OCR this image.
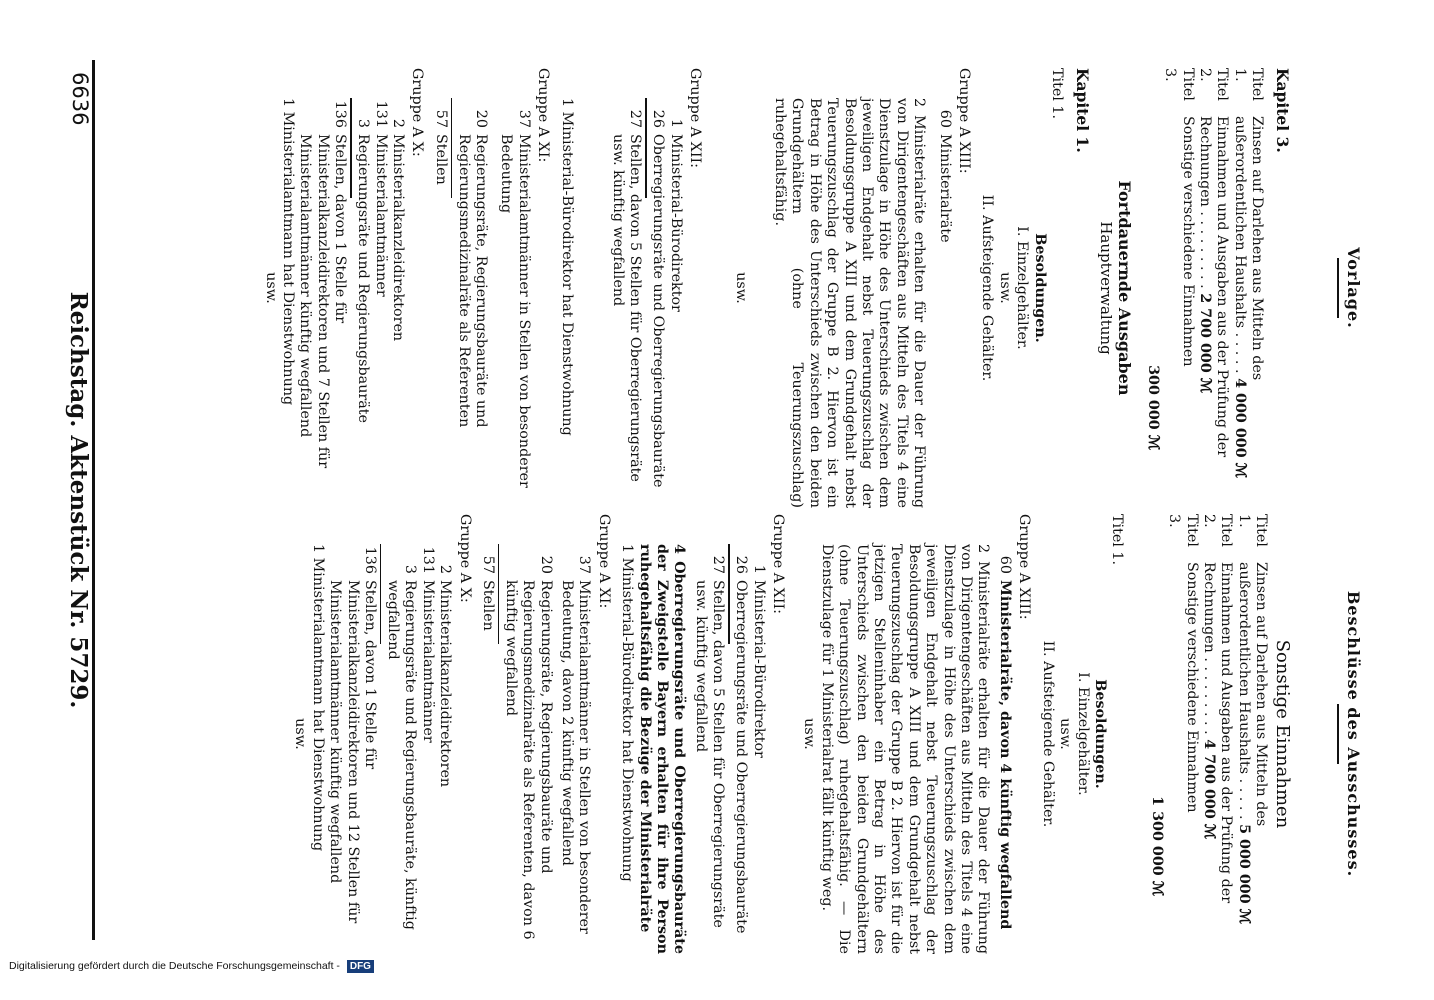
6636
Reichstag. Aktenstück Nr. 5729.
Vorlage.
Kapitel 3.
Titel 1.
Zinsen auf Darlehen aus Mitteln des außerordentlichen Haushalts . . . . . 4 000 000 ℳ
Titel 2.
Einnahmen und Ausgaben aus der Prüfung der Rechnungen . . . . . . . . . 2 700 000 ℳ
Titel 3.
Sonstige verschiedene Einnahmen
300 000 ℳ
Fortdauernde Ausgaben
Hauptverwaltung
Kapitel 1.
Titel 1.
Besoldungen.
I. Einzelgehälter.
usw.
II. Aufsteigende Gehälter.
Gruppe A XIII:
60
Ministerialräte
2 Ministerialräte erhalten für die Dauer der Führung von Dirigentengeschäften aus Mitteln des Titels 4 eine Dienstzulage in Höhe des Unterschieds zwischen dem jeweiligen Endgehalt nebst Teuerungszuschlag der Besoldungsgruppe A XIII und dem Grundgehalt nebst Teuerungszuschlag der Gruppe B 2. Hiervon ist ein Betrag in Höhe des Unterschieds zwischen den beiden Grundgehältern (ohne Teuerungszuschlag) ruhegehaltsfähig.
usw.
Gruppe A XII:
1
Ministerial-Bürodirektor
26
Oberregierungsräte und Oberregierungsbauräte
27
Stellen, davon 5 Stellen für Oberregierungsräte usw. künftig wegfallend
1 Ministerial-Bürodirektor hat Dienstwohnung
Gruppe A XI:
37
Ministerialamtmänner in Stellen von besonderer Bedeutung
20
Regierungsräte, Regierungsbauräte und Regierungsmedizinalräte als Referenten
57
Stellen
Gruppe A X:
2
Ministerialkanzleidirektoren
131
Ministerialamtmänner
3
Regierungsräte und Regierungsbauräte
136
Stellen, davon 1 Stelle für Ministerialkanzleidirektoren und 7 Stellen für Ministerialamtmänner künftig wegfallend
1 Ministerialamtmann hat Dienstwohnung
usw.
Beschlüsse des Ausschusses.
Sonstige Einnahmen
Titel 1.
Zinsen auf Darlehen aus Mitteln des außerordentlichen Haushalts . . . . . 5 000 000 ℳ
Titel 2.
Einnahmen und Ausgaben aus der Prüfung der Rechnungen . . . . . . . . . 4 700 000 ℳ
Titel 3.
Sonstige verschiedene Einnahmen
1 300 000 ℳ
Titel 1.
Besoldungen.
I. Einzelgehälter.
usw.
II. Aufsteigende Gehälter.
Gruppe A XIII:
60
Ministerialräte, davon 4 künftig wegfallend
2 Ministerialräte erhalten für die Dauer der Führung von Dirigentengeschäften aus Mitteln des Titels 4 eine Dienstzulage in Höhe des Unterschieds zwischen dem jeweiligen Endgehalt nebst Teuerungszuschlag der Besoldungsgruppe A XIII und dem Grundgehalt nebst Teuerungszuschlag der Gruppe B 2. Hiervon ist für die jetzigen Stelleninhaber ein Betrag in Höhe des Unterschieds zwischen den beiden Grundgehältern (ohne Teuerungszuschlag) ruhegehaltsfähig. — Die Dienstzulage für 1 Ministerialrat fällt künftig weg.
usw.
Gruppe A XII:
1
Ministerial-Bürodirektor
26
Oberregierungsräte und Oberregierungsbauräte
27
Stellen, davon 5 Stellen für Oberregierungsräte usw. künftig wegfallend
4 Oberregierungsräte und Oberregierungsbauräte der Zweigstelle Bayern erhalten für ihre Person ruhegehaltsfähig die Bezüge der Ministerialräte
1 Ministerial-Bürodirektor hat Dienstwohnung
Gruppe A XI:
37
Ministerialamtmänner in Stellen von besonderer Bedeutung, davon 2 künftig wegfallend
20
Regierungsräte, Regierungsbauräte und Regierungsmedizinalräte als Referenten, davon 6 künftig wegfallend
57
Stellen
Gruppe A X:
2
Ministerialkanzleidirektoren
131
Ministerialamtmänner
3
Regierungsräte und Regierungsbauräte, künftig wegfallend
136
Stellen, davon 1 Stelle für Ministerialkanzleidirektoren und 12 Stellen für Ministerialamtmänner künftig wegfallend
1 Ministerialamtmann hat Dienstwohnung
usw.
Digitalisierung gefördert durch die Deutsche Forschungsgemeinschaft - DFG
